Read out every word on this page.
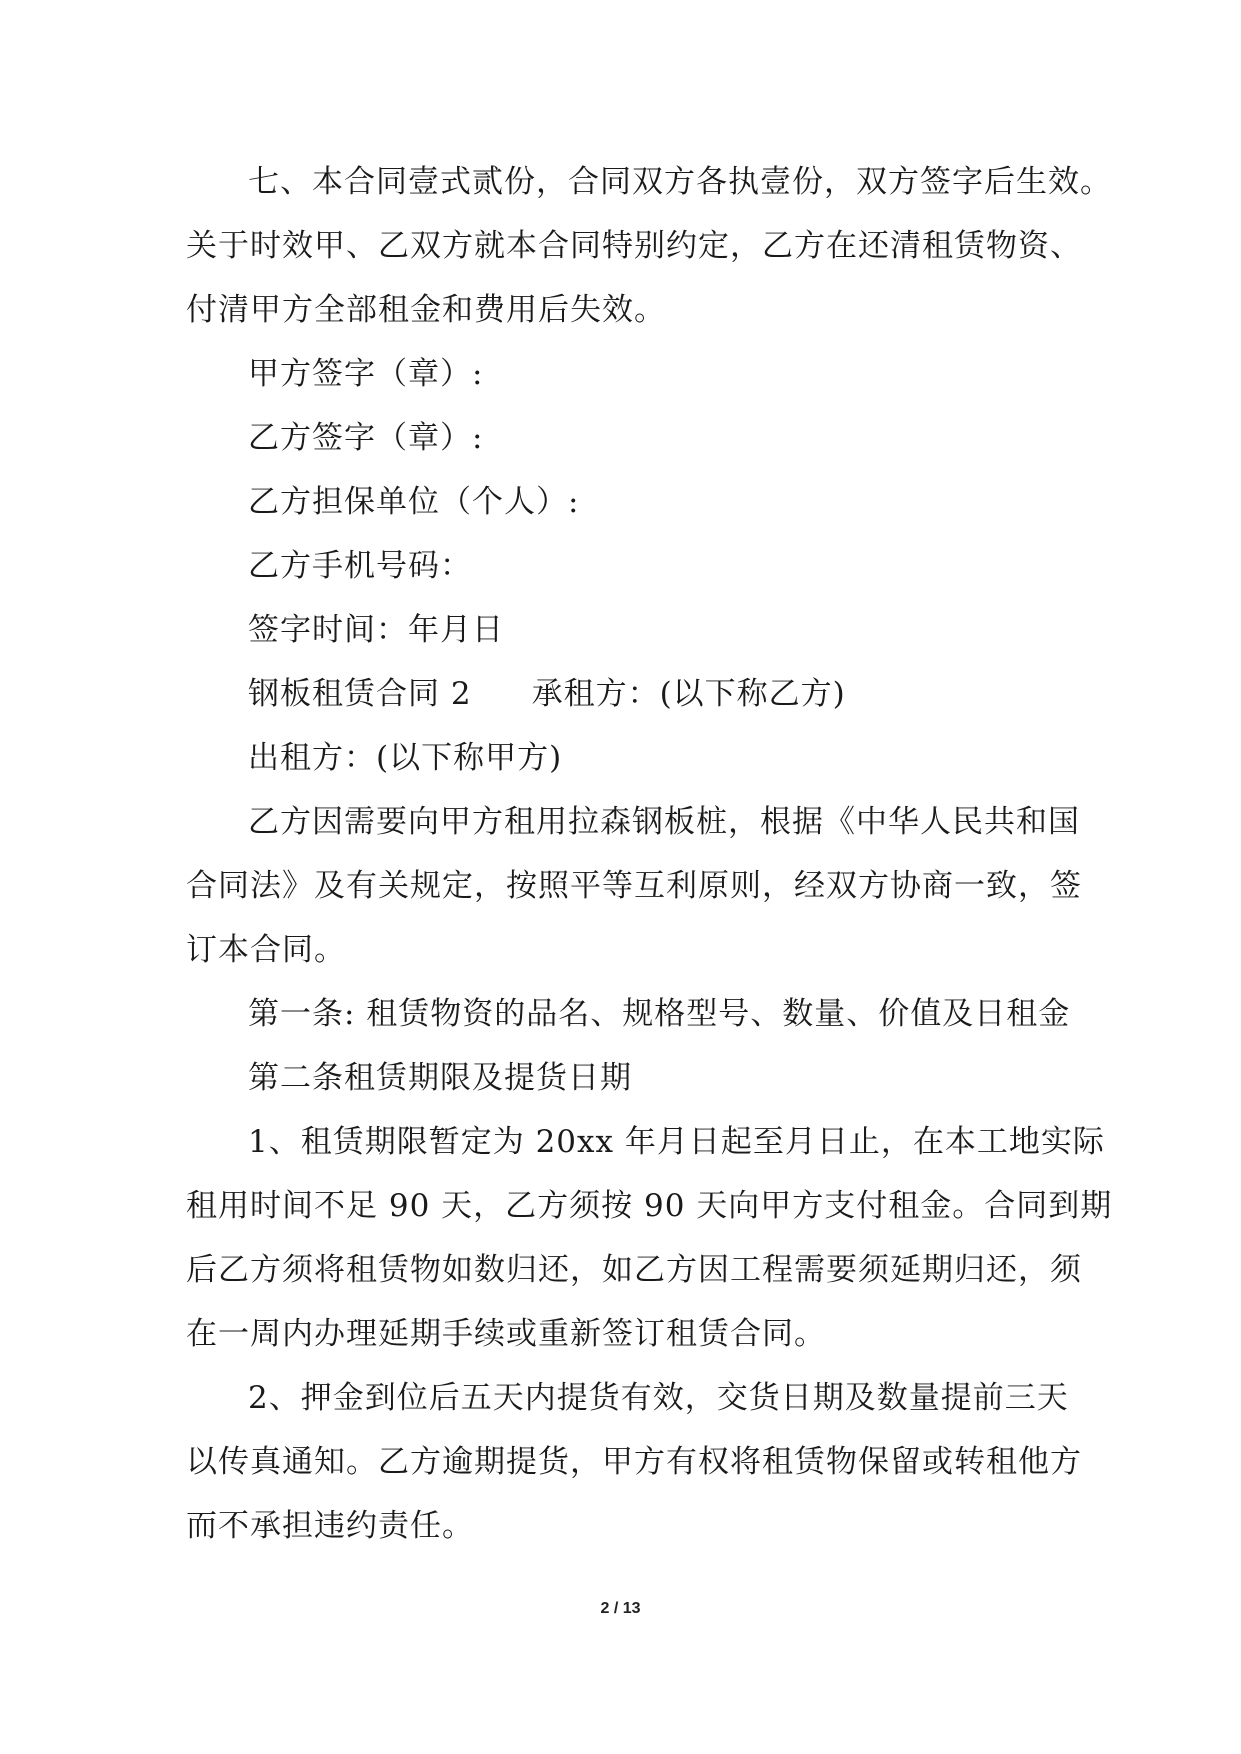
七、本合同壹式贰份，合同双方各执壹份，双方签字后生效。
关于时效甲、乙双方就本合同特别约定，乙方在还清租赁物资、
付清甲方全部租金和费用后失效。

甲方签字（章）:

乙方签字（章）:

乙方担保单位（个人）:

乙方手机号码：

签字时间：年月日

钢板租赁合同 2 承租方：(以下称乙方)

出租方：(以下称甲方)

乙方因需要向甲方租用拉森钢板桩，根据《中华人民共和国
合同法》及有关规定，按照平等互利原则，经双方协商一致，签
订本合同。

第一条: 租赁物资的品名、规格型号、数量、价值及日租金

第二条租赁期限及提货日期

1、租赁期限暂定为 20xx 年月日起至月日止，在本工地实际
租用时间不足 90 天，乙方须按 90 天向甲方支付租金。合同到期
后乙方须将租赁物如数归还，如乙方因工程需要须延期归还，须
在一周内办理延期手续或重新签订租赁合同。

2、押金到位后五天内提货有效，交货日期及数量提前三天
以传真通知。乙方逾期提货，甲方有权将租赁物保留或转租他方
而不承担违约责任。

2 / 13
